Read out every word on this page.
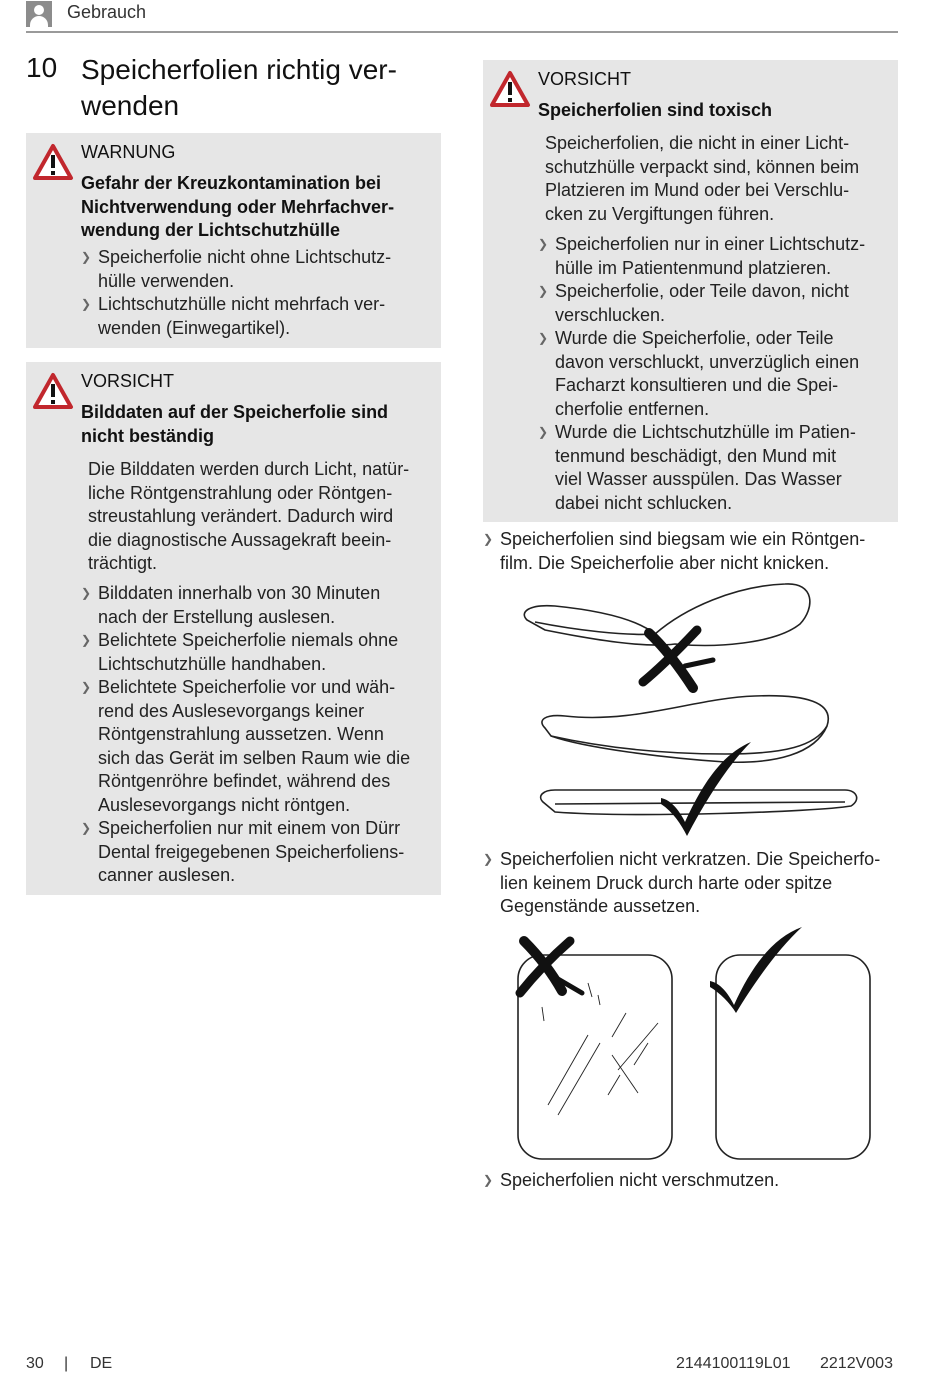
Gebrauch
10 Speicherfolien richtig ver-
wenden
WARNUNG
Gefahr der Kreuzkontamination bei
Nichtverwendung oder Mehrfachver-
wendung der Lichtschutzhülle
❯ Speicherfolie nicht ohne Lichtschutz-
hülle verwenden.
❯ Lichtschutzhülle nicht mehrfach ver-
wenden (Einwegartikel).
VORSICHT
Bilddaten auf der Speicherfolie sind
nicht beständig
Die Bilddaten werden durch Licht, natür-
liche Röntgenstrahlung oder Röntgen-
streustahlung verändert. Dadurch wird
die diagnostische Aussagekraft beein-
trächtigt.
❯ Bilddaten innerhalb von 30 Minuten
nach der Erstellung auslesen.
❯ Belichtete Speicherfolie niemals ohne
Lichtschutzhülle handhaben.
❯ Belichtete Speicherfolie vor und wäh-
rend des Auslesevorgangs keiner
Röntgenstrahlung aussetzen. Wenn
sich das Gerät im selben Raum wie die
Röntgenröhre befindet, während des
Auslesevorgangs nicht röntgen.
❯ Speicherfolien nur mit einem von Dürr
Dental freigegebenen Speicherfoliens-
canner auslesen.
VORSICHT
Speicherfolien sind toxisch
Speicherfolien, die nicht in einer Licht-
schutzhülle verpackt sind, können beim
Platzieren im Mund oder bei Verschlu-
cken zu Vergiftungen führen.
❯ Speicherfolien nur in einer Lichtschutz-
hülle im Patientenmund platzieren.
❯ Speicherfolie, oder Teile davon, nicht
verschlucken.
❯ Wurde die Speicherfolie, oder Teile
davon verschluckt, unverzüglich einen
Facharzt konsultieren und die Spei-
cherfolie entfernen.
❯ Wurde die Lichtschutzhülle im Patien-
tenmund beschädigt, den Mund mit
viel Wasser ausspülen. Das Wasser
dabei nicht schlucken.
❯ Speicherfolien sind biegsam wie ein Röntgen-
film. Die Speicherfolie aber nicht knicken.
❯ Speicherfolien nicht verkratzen. Die Speicherfo-
lien keinem Druck durch harte oder spitze
Gegenstände aussetzen.
❯ Speicherfolien nicht verschmutzen.
30 | DE	2144100119L01 2212V003
